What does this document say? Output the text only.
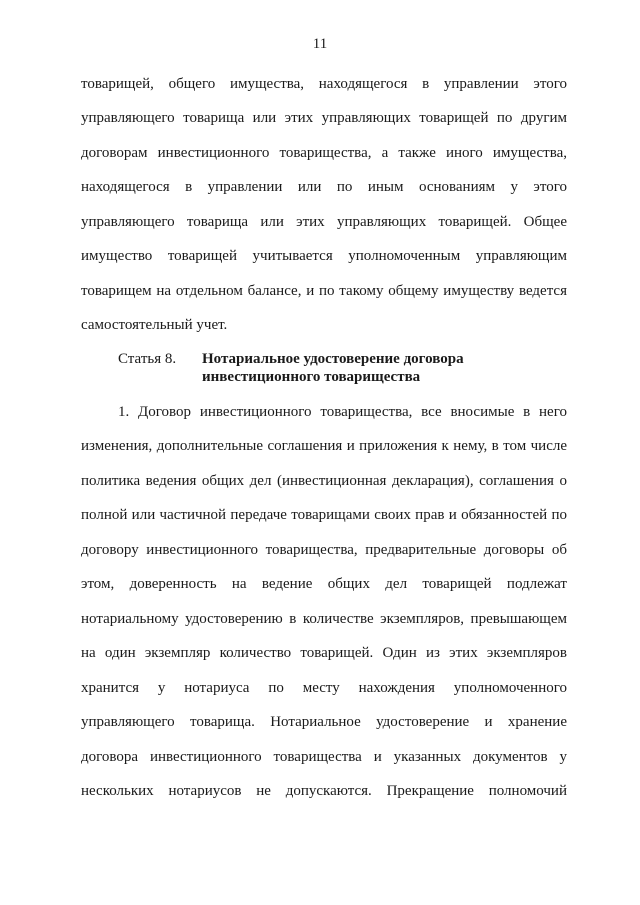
11
товарищей, общего имущества, находящегося в управлении этого
управляющего товарища или этих управляющих товарищей по другим
договорам инвестиционного товарищества, а также иного имущества,
находящегося в управлении или по иным основаниям у этого
управляющего товарища или этих управляющих товарищей. Общее
имущество товарищей учитывается уполномоченным управляющим
товарищем на отдельном балансе, и по такому общему имуществу ведется
самостоятельный учет.
Статья 8. Нотариальное удостоверение договора
инвестиционного товарищества
1. Договор инвестиционного товарищества, все вносимые в него
изменения, дополнительные соглашения и приложения к нему, в том числе
политика ведения общих дел (инвестиционная декларация), соглашения о
полной или частичной передаче товарищами своих прав и обязанностей по
договору инвестиционного товарищества, предварительные договоры об
этом, доверенность на ведение общих дел товарищей подлежат
нотариальному удостоверению в количестве экземпляров, превышающем
на один экземпляр количество товарищей. Один из этих экземпляров
хранится у нотариуса по месту нахождения уполномоченного
управляющего товарища. Нотариальное удостоверение и хранение
договора инвестиционного товарищества и указанных документов у
нескольких нотариусов не допускаются. Прекращение полномочий
